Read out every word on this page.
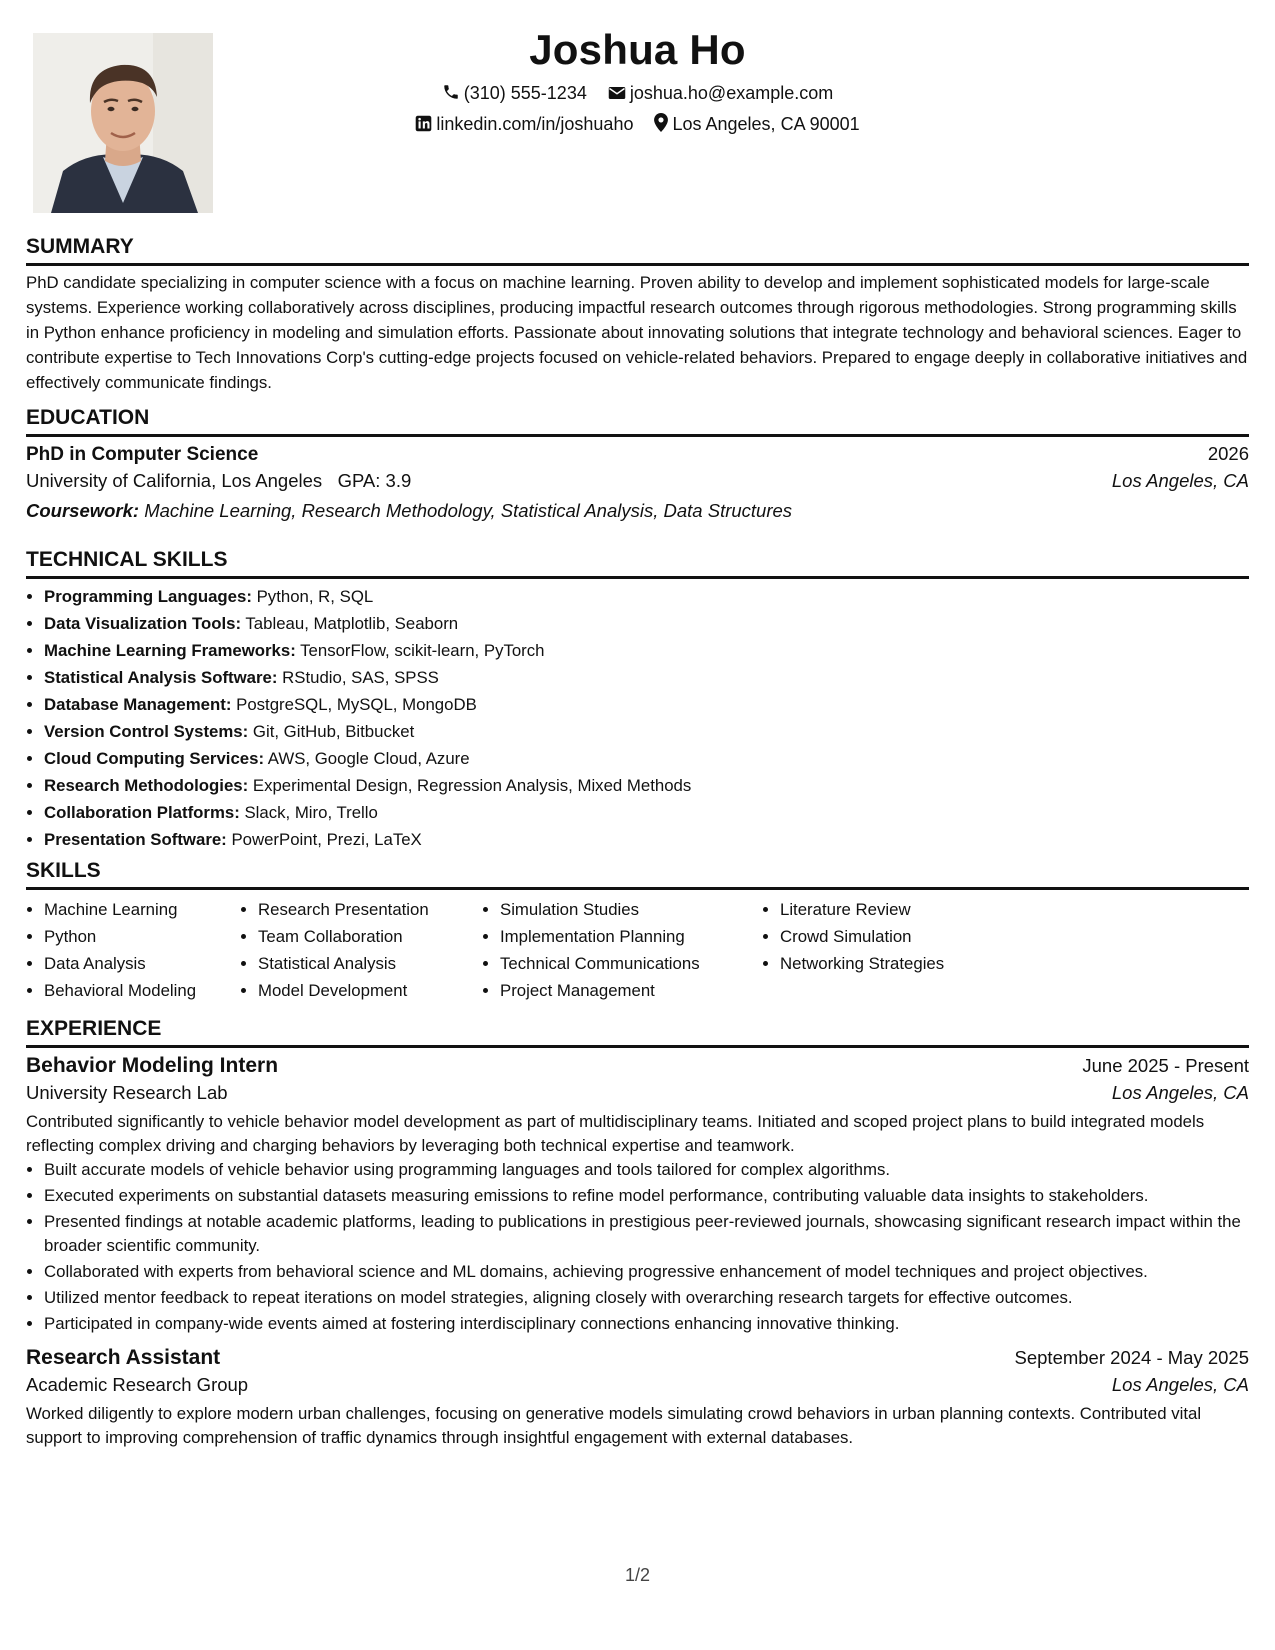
Joshua Ho
(310) 555-1234 joshua.ho@example.com
linkedin.com/in/joshuaho Los Angeles, CA 90001
SUMMARY

PhD candidate specializing in computer science with a focus on machine learning. Proven ability to develop and implement sophisticated models for large-scale systems. Experience working collaboratively across disciplines, producing impactful research outcomes through rigorous methodologies. Strong programming skills in Python enhance proficiency in modeling and simulation efforts. Passionate about innovating solutions that integrate technology and behavioral sciences. Eager to contribute expertise to Tech Innovations Corp's cutting-edge projects focused on vehicle-related behaviors. Prepared to engage deeply in collaborative initiatives and effectively communicate findings.

EDUCATION
PhD in Computer Science	2026
University of California, Los Angeles GPA: 3.9	Los Angeles, CA
Coursework: Machine Learning, Research Methodology, Statistical Analysis, Data Structures
TECHNICAL SKILLS
• Programming Languages: Python, R, SQL
• Data Visualization Tools: Tableau, Matplotlib, Seaborn
• Machine Learning Frameworks: TensorFlow, scikit-learn, PyTorch
• Statistical Analysis Software: RStudio, SAS, SPSS
• Database Management: PostgreSQL, MySQL, MongoDB
• Version Control Systems: Git, GitHub, Bitbucket
• Cloud Computing Services: AWS, Google Cloud, Azure
• Research Methodologies: Experimental Design, Regression Analysis, Mixed Methods
• Collaboration Platforms: Slack, Miro, Trello
• Presentation Software: PowerPoint, Prezi, LaTeX
SKILLS
• Machine Learning
• Python
• Data Analysis
• Behavioral Modeling
• Research Presentation
• Team Collaboration
• Statistical Analysis
• Model Development
• Simulation Studies
• Implementation Planning
• Technical Communications
• Project Management
• Literature Review
• Crowd Simulation
• Networking Strategies
EXPERIENCE
Behavior Modeling Intern	June 2025 - Present
University Research Lab	Los Angeles, CA

Contributed significantly to vehicle behavior model development as part of multidisciplinary teams. Initiated and scoped project plans to build integrated models reflecting complex driving and charging behaviors by leveraging both technical expertise and teamwork.

• Built accurate models of vehicle behavior using programming languages and tools tailored for complex algorithms.
• Executed experiments on substantial datasets measuring emissions to refine model performance, contributing valuable data insights to stakeholders.
• Presented findings at notable academic platforms, leading to publications in prestigious peer-reviewed journals, showcasing significant research impact within the broader scientific community.
• Collaborated with experts from behavioral science and ML domains, achieving progressive enhancement of model techniques and project objectives.
• Utilized mentor feedback to repeat iterations on model strategies, aligning closely with overarching research targets for effective outcomes.
• Participated in company-wide events aimed at fostering interdisciplinary connections enhancing innovative thinking.
Research Assistant	September 2024 - May 2025
Academic Research Group	Los Angeles, CA

Worked diligently to explore modern urban challenges, focusing on generative models simulating crowd behaviors in urban planning contexts. Contributed vital support to improving comprehension of traffic dynamics through insightful engagement with external databases.

1/2
